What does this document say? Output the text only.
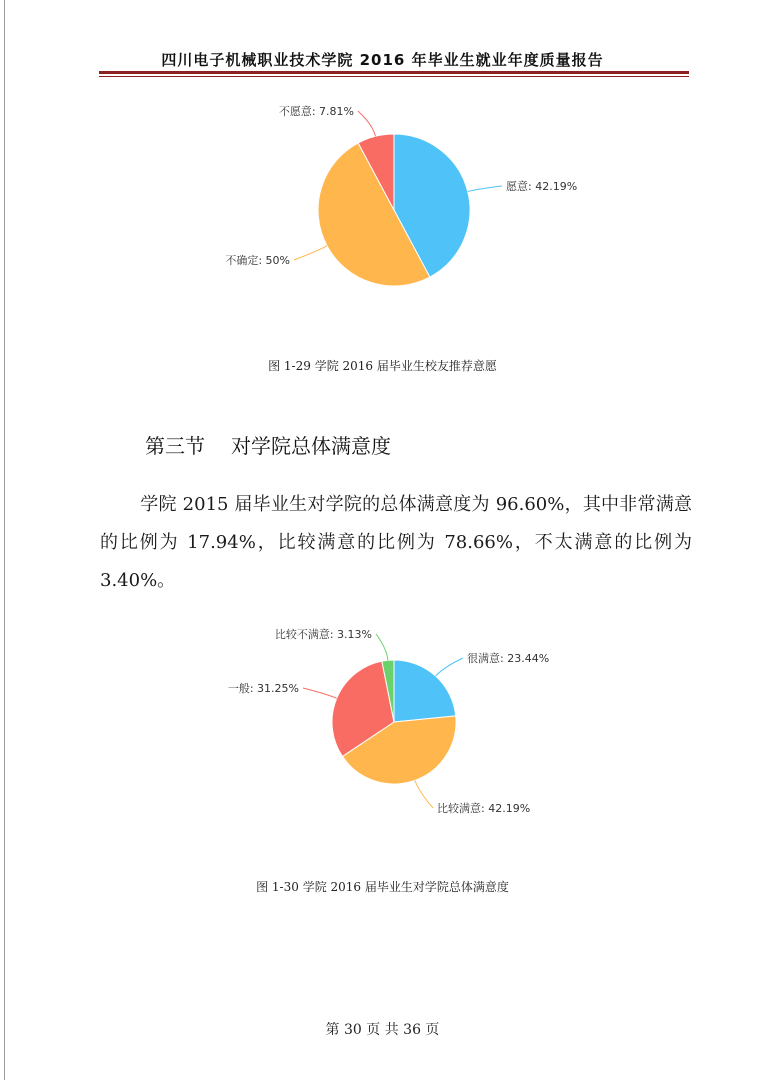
四川电子机械职业技术学院 2016 年毕业生就业年度质量报告
愿意: 42.19%
不确定: 50%
不愿意: 7.81%
图 1-29 学院 2016 届毕业生校友推荐意愿
第三节 对学院总体满意度
学院 2015 届毕业生对学院的总体满意度为 96.60%，其中非常满意的比例为 17.94%，比较满意的比例为 78.66%，不太满意的比例为 3.40%。
很满意: 23.44%
比较满意: 42.19%
一般: 31.25%
比较不满意: 3.13%
图 1-30 学院 2016 届毕业生对学院总体满意度
第 30 页 共 36 页
